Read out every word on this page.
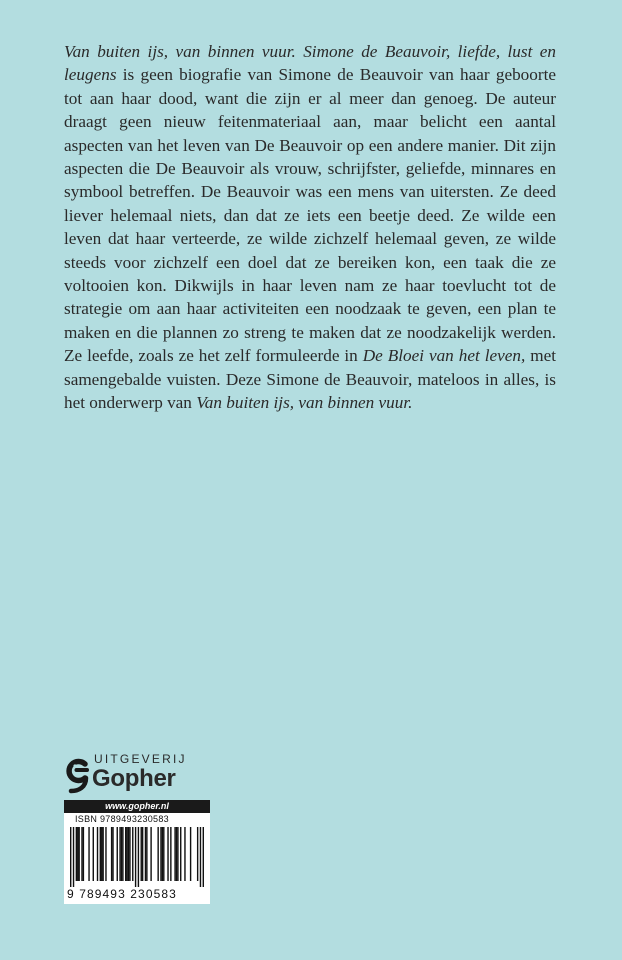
Van buiten ijs, van binnen vuur. Simone de Beauvoir, liefde, lust en leugens is geen biografie van Simone de Beauvoir van haar geboorte tot aan haar dood, want die zijn er al meer dan genoeg. De auteur draagt geen nieuw feitenmateriaal aan, maar belicht een aantal aspecten van het leven van De Beauvoir op een andere manier. Dit zijn aspecten die De Beauvoir als vrouw, schrijfster, geliefde, minnares en symbool betreffen. De Beauvoir was een mens van uitersten. Ze deed liever helemaal niets, dan dat ze iets een beetje deed. Ze wilde een leven dat haar verteerde, ze wilde zichzelf helemaal geven, ze wilde steeds voor zichzelf een doel dat ze bereiken kon, een taak die ze voltooien kon. Dikwijls in haar leven nam ze haar toevlucht tot de strategie om aan haar activiteiten een noodzaak te geven, een plan te maken en die plannen zo streng te maken dat ze noodzakelijk werden. Ze leefde, zoals ze het zelf formuleerde in De Bloei van het leven, met samengebalde vuisten. Deze Simone de Beauvoir, mateloos in alles, is het onderwerp van Van buiten ijs, van binnen vuur.

UITGEVERIJ
Gopher
www.gopher.nl
ISBN 9789493230583
9 789493 230583
